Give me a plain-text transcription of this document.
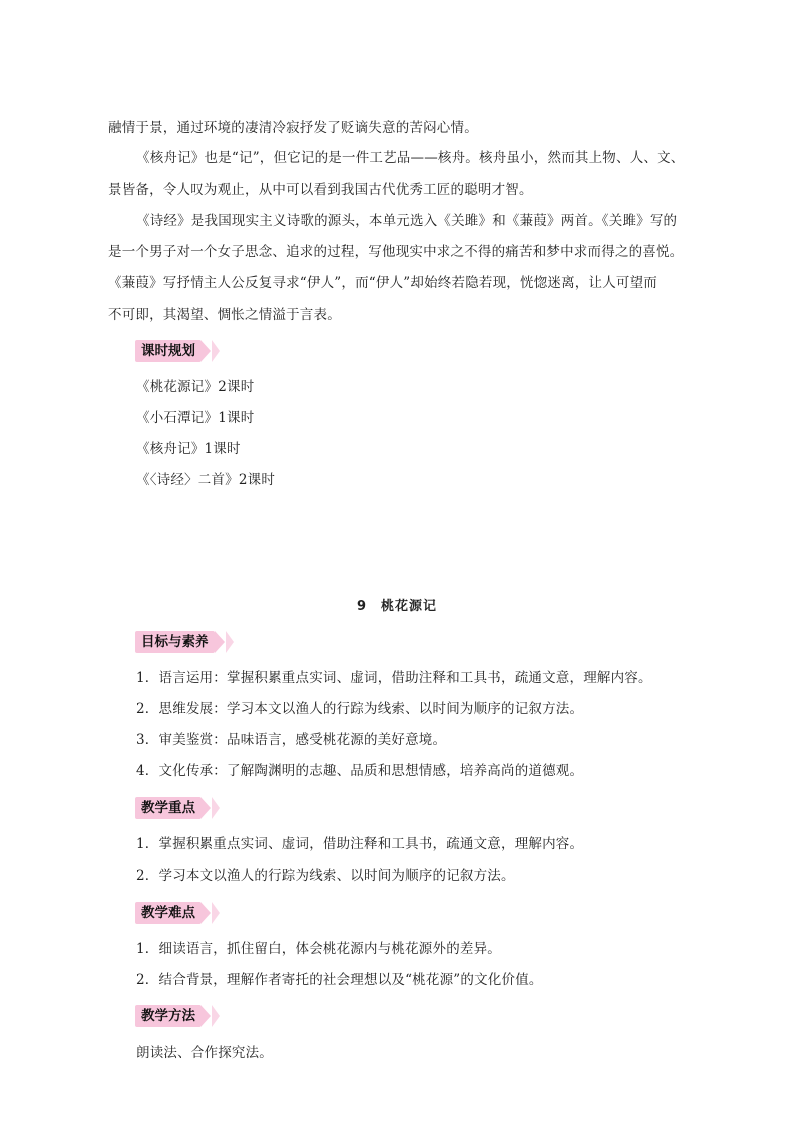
融情于景，通过环境的凄清冷寂抒发了贬谪失意的苦闷心情。
《核舟记》也是“记”，但它记的是一件工艺品——核舟。核舟虽小，然而其上物、人、文、
景皆备，令人叹为观止，从中可以看到我国古代优秀工匠的聪明才智。
《诗经》是我国现实主义诗歌的源头，本单元选入《关雎》和《蒹葭》两首。《关雎》写的
是一个男子对一个女子思念、追求的过程，写他现实中求之不得的痛苦和梦中求而得之的喜悦。
《蒹葭》写抒情主人公反复寻求“伊人”，而“伊人”却始终若隐若现，恍惚迷离，让人可望而
不可即，其渴望、惆怅之情溢于言表。
课时规划
《桃花源记》2课时
《小石潭记》1课时
《核舟记》1课时
《〈诗经〉二首》2课时
9　桃花源记
目标与素养
1．语言运用：掌握积累重点实词、虚词，借助注释和工具书，疏通文意，理解内容。
2．思维发展：学习本文以渔人的行踪为线索、以时间为顺序的记叙方法。
3．审美鉴赏：品味语言，感受桃花源的美好意境。
4．文化传承：了解陶渊明的志趣、品质和思想情感，培养高尚的道德观。
教学重点
1．掌握积累重点实词、虚词，借助注释和工具书，疏通文意，理解内容。
2．学习本文以渔人的行踪为线索、以时间为顺序的记叙方法。
教学难点
1．细读语言，抓住留白，体会桃花源内与桃花源外的差异。
2．结合背景，理解作者寄托的社会理想以及“桃花源”的文化价值。
教学方法
朗读法、合作探究法。
